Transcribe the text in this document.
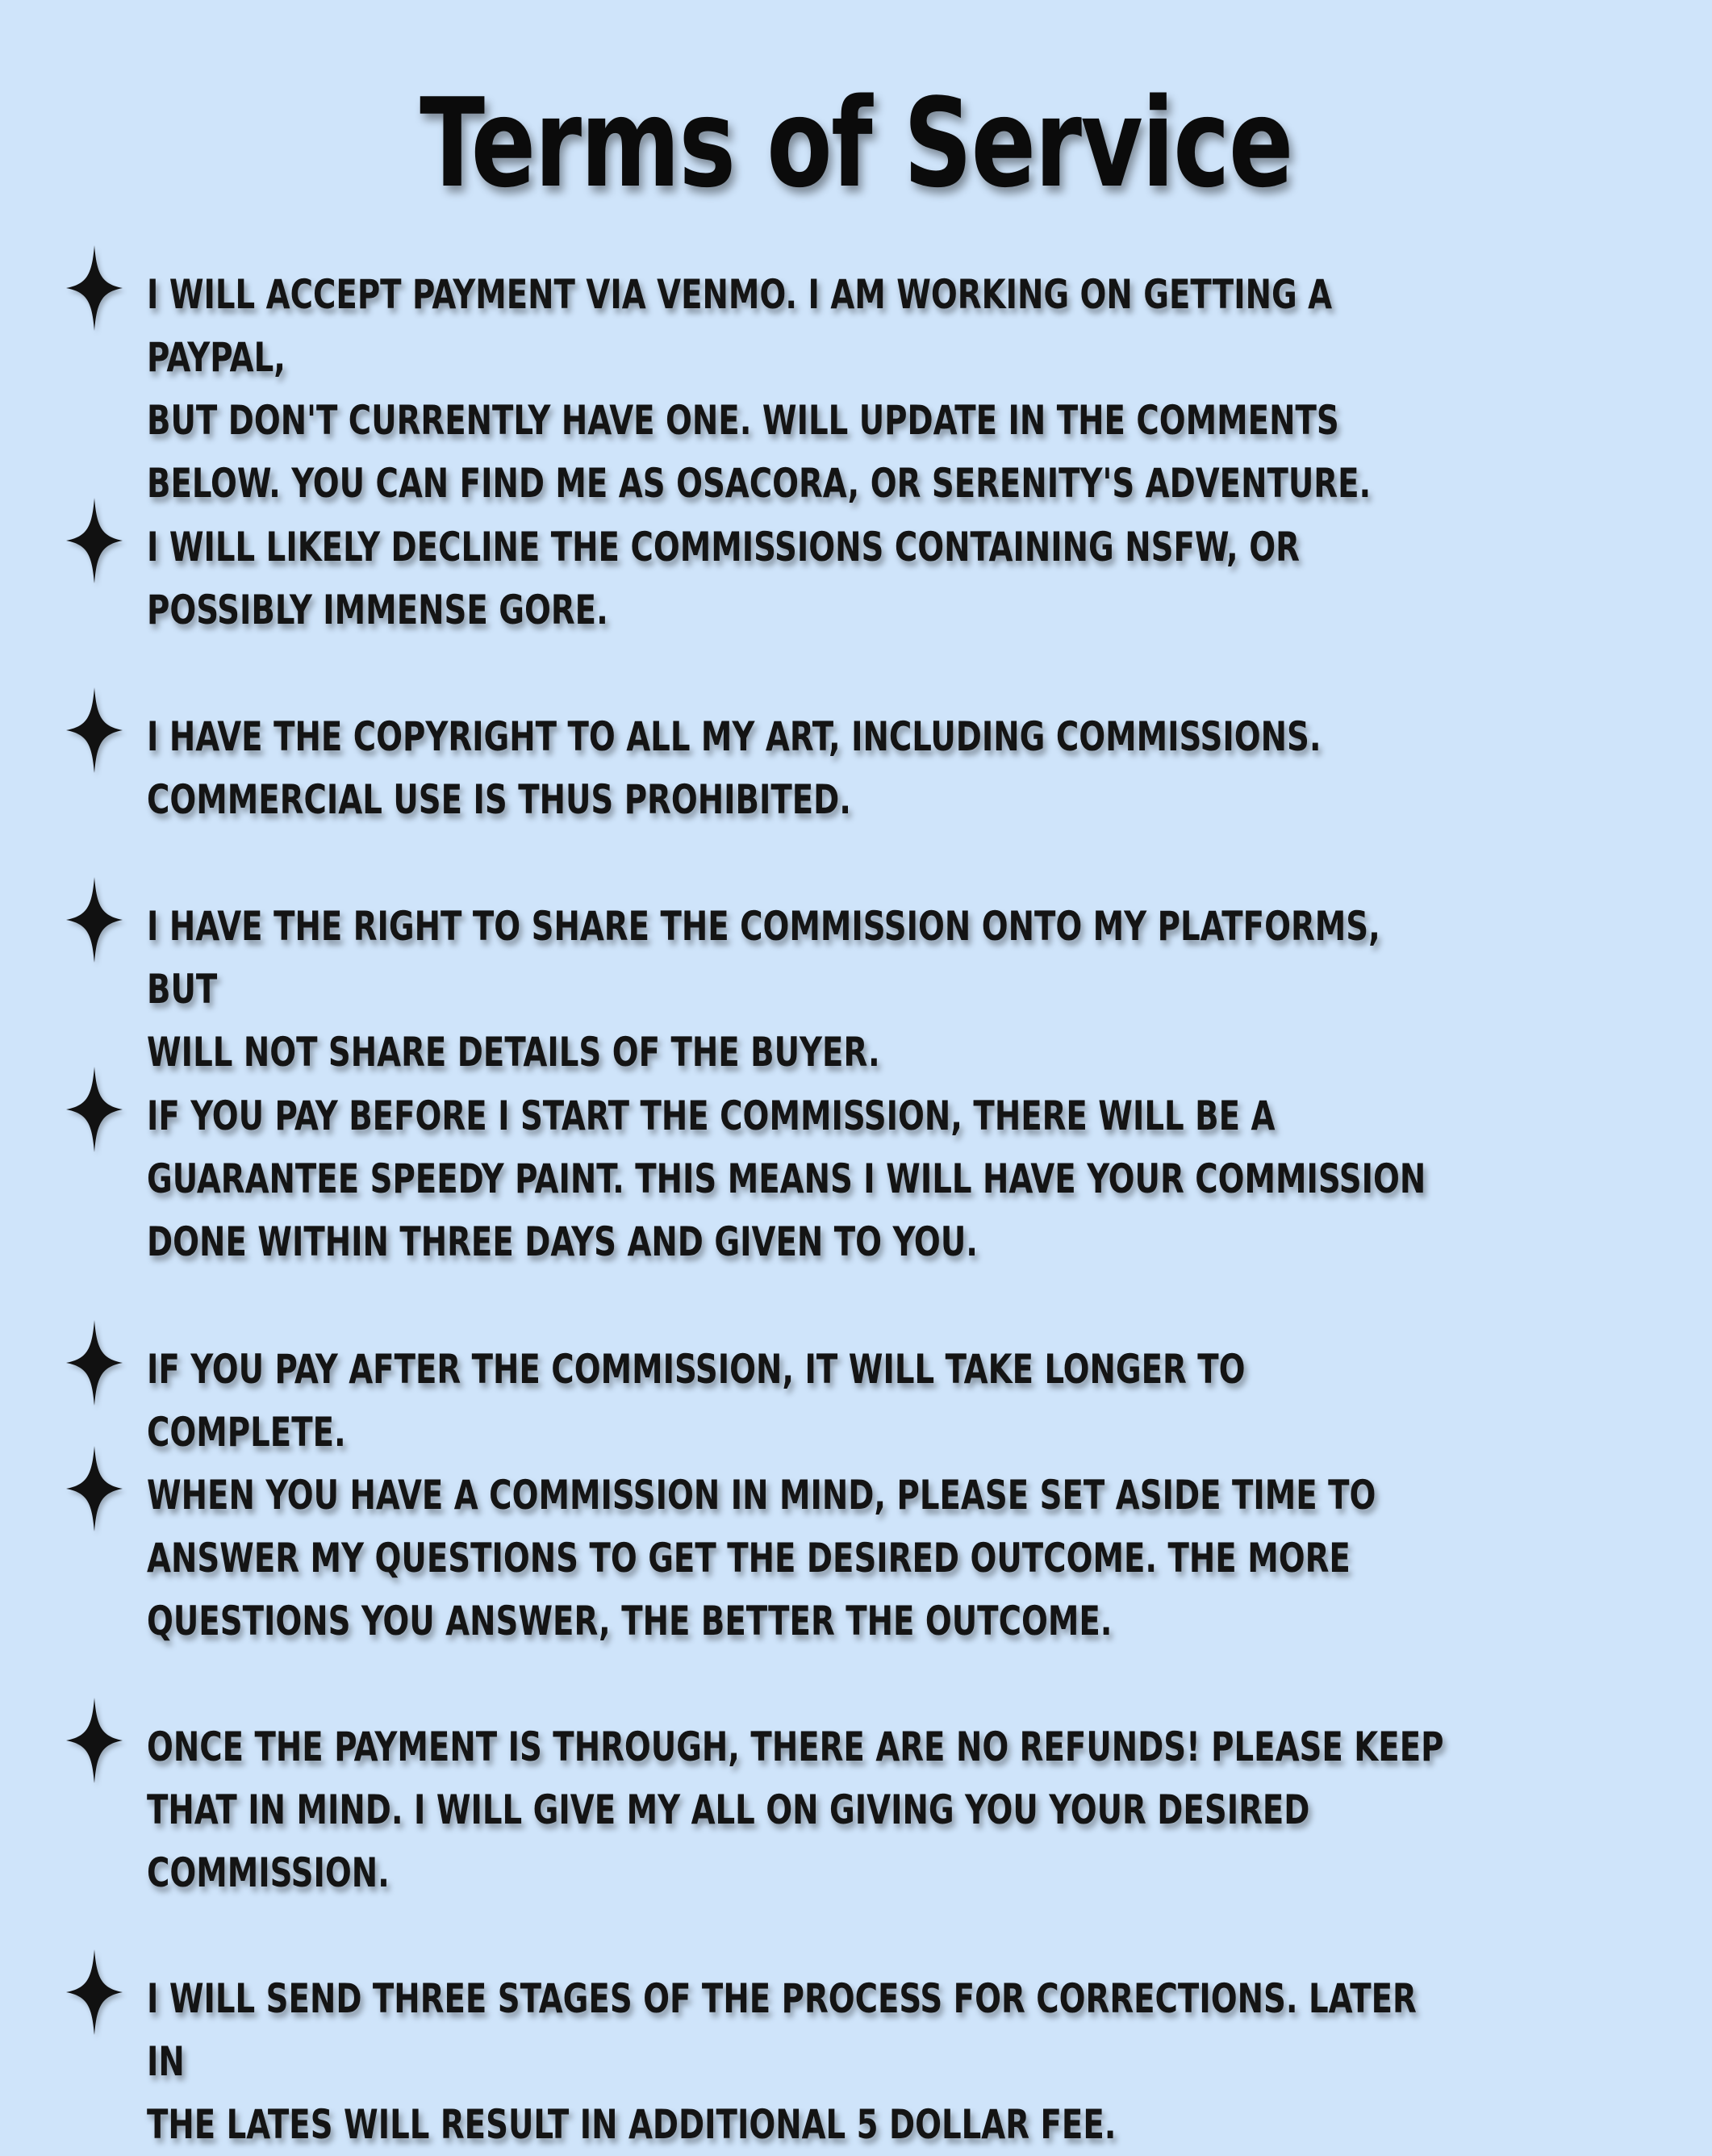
Terms of Service

I WILL ACCEPT PAYMENT VIA VENMO. I AM WORKING ON GETTING A PAYPAL,
BUT DON'T CURRENTLY HAVE ONE. WILL UPDATE IN THE COMMENTS
BELOW. YOU CAN FIND ME AS OSACORA, OR SERENITY'S ADVENTURE.

I WILL LIKELY DECLINE THE COMMISSIONS CONTAINING NSFW, OR
POSSIBLY IMMENSE GORE.

I HAVE THE COPYRIGHT TO ALL MY ART, INCLUDING COMMISSIONS.
COMMERCIAL USE IS THUS PROHIBITED.

I HAVE THE RIGHT TO SHARE THE COMMISSION ONTO MY PLATFORMS, BUT
WILL NOT SHARE DETAILS OF THE BUYER.

IF YOU PAY BEFORE I START THE COMMISSION, THERE WILL BE A
GUARANTEE SPEEDY PAINT. THIS MEANS I WILL HAVE YOUR COMMISSION
DONE WITHIN THREE DAYS AND GIVEN TO YOU.

IF YOU PAY AFTER THE COMMISSION, IT WILL TAKE LONGER TO COMPLETE.

WHEN YOU HAVE A COMMISSION IN MIND, PLEASE SET ASIDE TIME TO
ANSWER MY QUESTIONS TO GET THE DESIRED OUTCOME. THE MORE
QUESTIONS YOU ANSWER, THE BETTER THE OUTCOME.

ONCE THE PAYMENT IS THROUGH, THERE ARE NO REFUNDS! PLEASE KEEP
THAT IN MIND. I WILL GIVE MY ALL ON GIVING YOU YOUR DESIRED
COMMISSION.

I WILL SEND THREE STAGES OF THE PROCESS FOR CORRECTIONS. LATER IN
THE LATES WILL RESULT IN ADDITIONAL 5 DOLLAR FEE.
